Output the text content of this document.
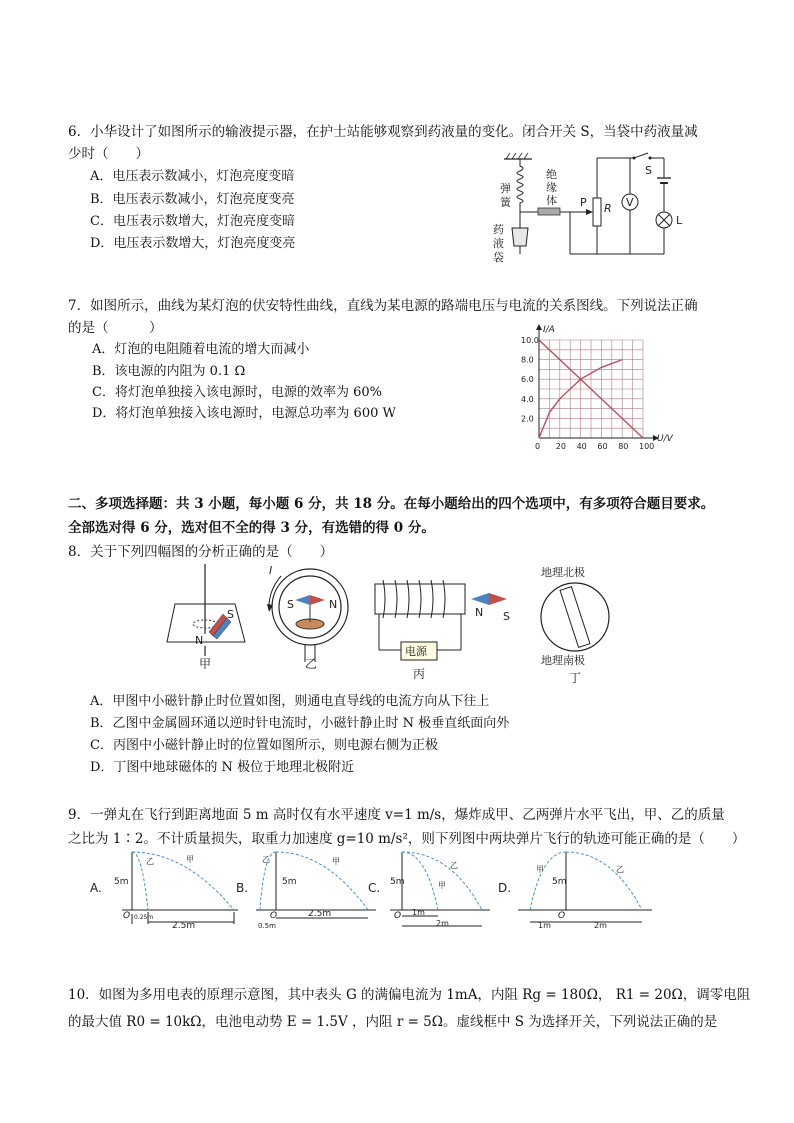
6．小华设计了如图所示的输液提示器，在护士站能够观察到药液量的变化。闭合开关 S，当袋中药液量减
少时（　　）
A．电压表示数减小，灯泡亮度变暗
B．电压表示数减小，灯泡亮度变亮
C．电压表示数增大，灯泡亮度变暗
D．电压表示数增大，灯泡亮度变亮
弹
簧
绝
缘
体
药
液
袋
P R V
S
L
7．如图所示，曲线为某灯泡的伏安特性曲线，直线为某电源的路端电压与电流的关系图线。下列说法正确
的是（　　　）
A．灯泡的电阻随着电流的增大而减小
B．该电源的内阻为 0.1 Ω
C．将灯泡单独接入该电源时，电源的效率为 60%
D．将灯泡单独接入该电源时，电源总功率为 600 W
0 20 40 60 80 100
2.0
4.0
6.0
8.0
10.0
I/A
U/V
二、多项选择题：共 3 小题，每小题 6 分，共 18 分。在每小题给出的四个选项中，有多项符合题目要求。
全部选对得 6 分，选对但不全的得 3 分，有选错的得 0 分。
8．关于下列四幅图的分析正确的是（　　）
S
N
甲
S	N
I
乙
电源
N S
丙
地理北极
地理南极
丁
A．甲图中小磁针静止时位置如图，则通电直导线的电流方向从下往上
B．乙图中金属圆环通以逆时针电流时，小磁针静止时 N 极垂直纸面向外
C．丙图中小磁针静止时的位置如图所示，则电源右侧为正极
D．丁图中地球磁体的 N 极位于地理北极附近
9．一弹丸在飞行到距离地面 5 m 高时仅有水平速度 v=1 m/s，爆炸成甲、乙两弹片水平飞出，甲、乙的质量
之比为 1∶2。不计质量损失，取重力加速度 g=10 m/s²，则下列图中两块弹片飞行的轨迹可能正确的是（　　）
A. 5m
O
乙	甲
0.25m
2.5m
B.	5m
O
乙	甲
0.5m
2.5m
C. 5m
O
乙
甲
1m
2m
D.	5m
O
甲	乙
1m	2m
10．如图为多用电表的原理示意图，其中表头 G 的满偏电流为 1mA，内阻 Rg = 180Ω， R1 = 20Ω，调零电阻
的最大值 R0 = 10kΩ，电池电动势 E = 1.5V ，内阻 r = 5Ω。虚线框中 S 为选择开关，下列说法正确的是
